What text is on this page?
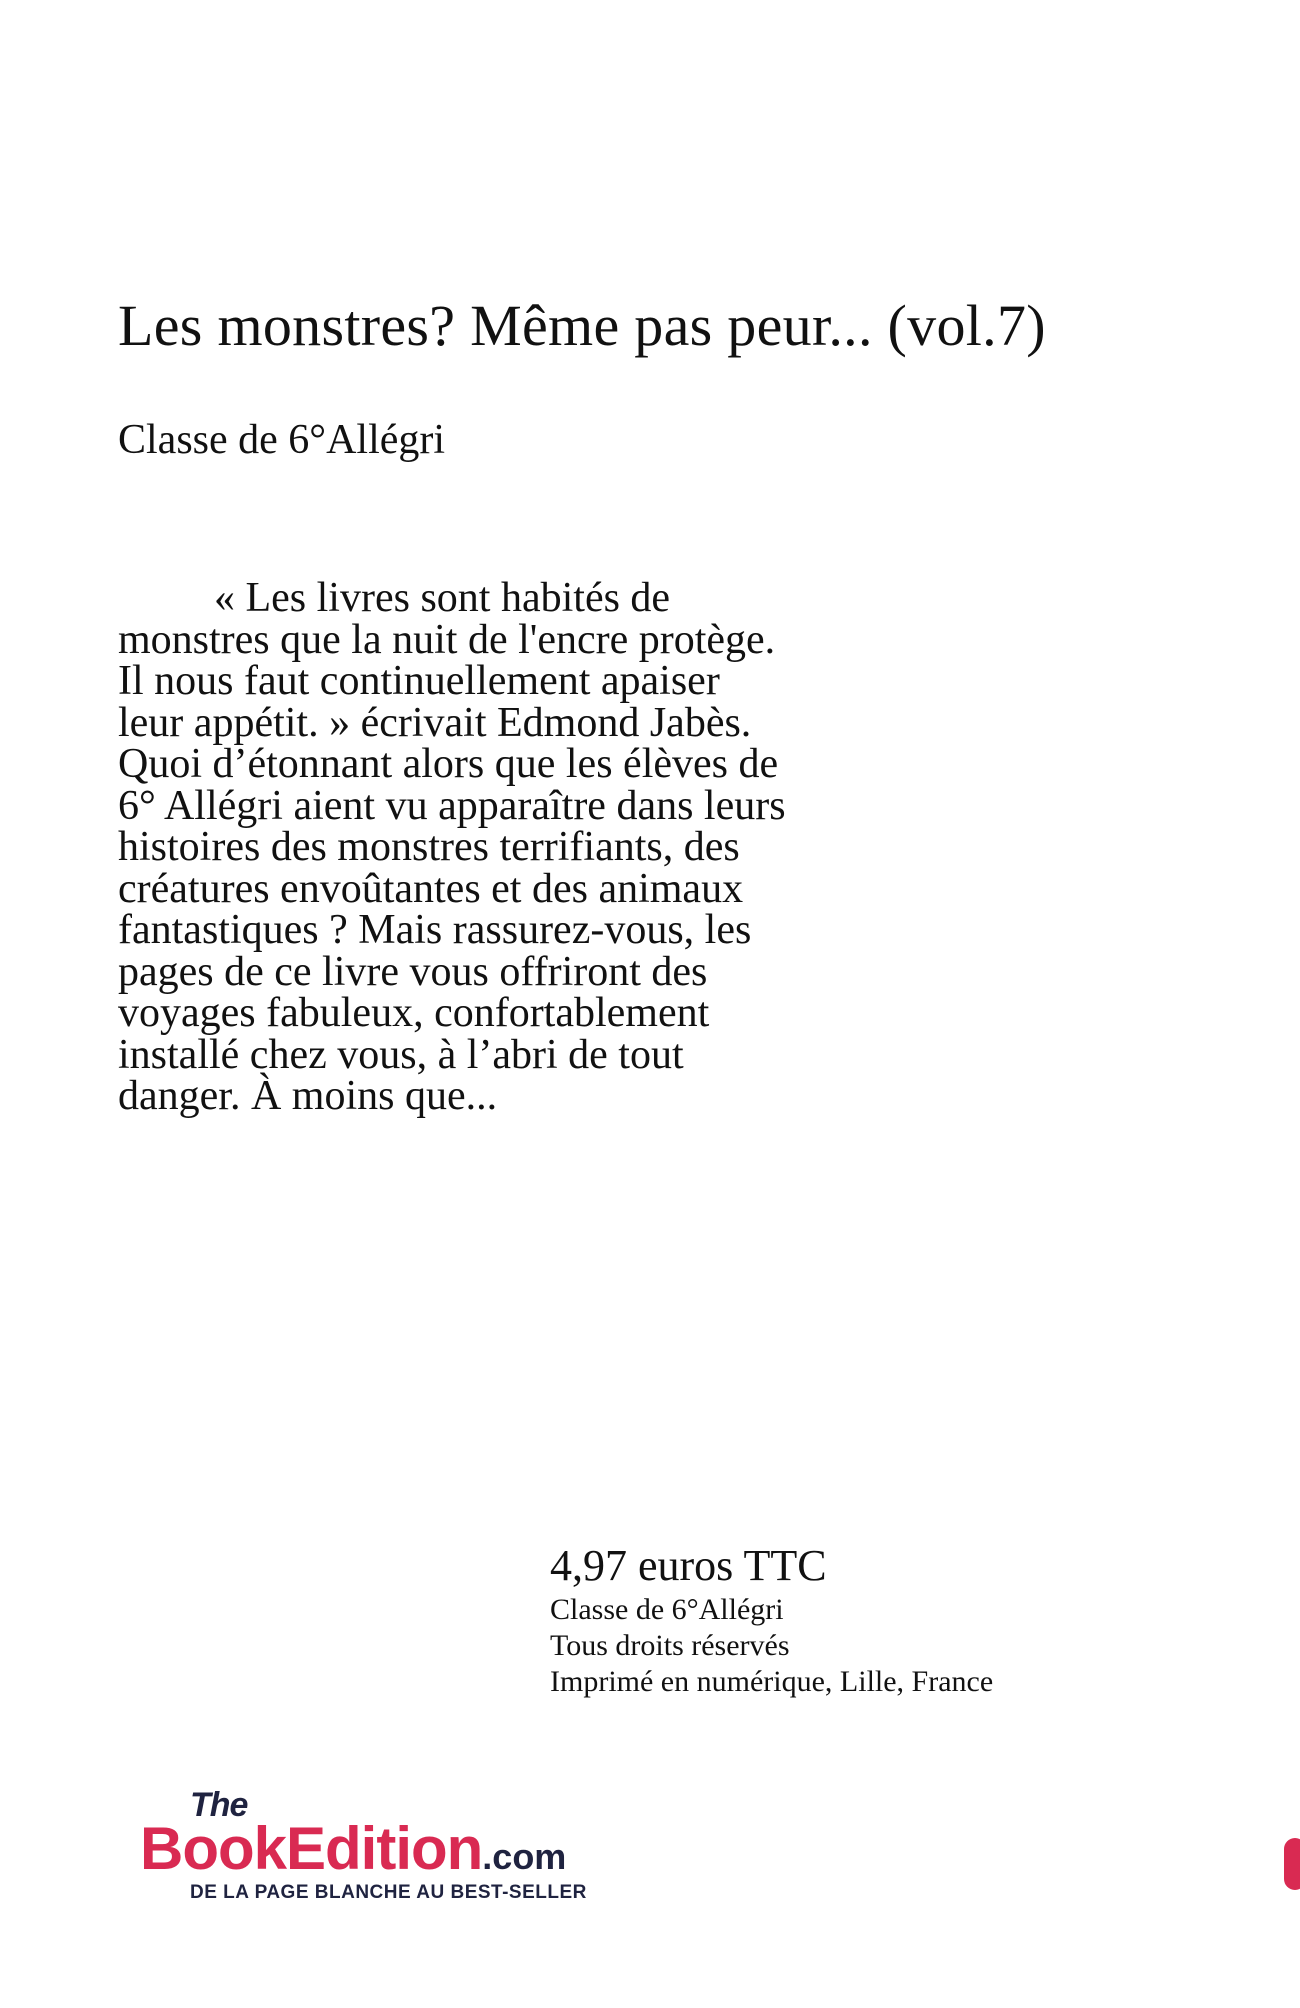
Les monstres? Même pas peur... (vol.7)
Classe de 6°Allégri
« Les livres sont habités de
monstres que la nuit de l'encre protège.
Il nous faut continuellement apaiser
leur appétit. » écrivait Edmond Jabès.
Quoi d’étonnant alors que les élèves de
6° Allégri aient vu apparaître dans leurs
histoires des monstres terrifiants, des
créatures envoûtantes et des animaux
fantastiques ? Mais rassurez-vous, les
pages de ce livre vous offriront des
voyages fabuleux, confortablement
installé chez vous, à l’abri de tout
danger. À moins que...
4,97 euros TTC
Classe de 6°Allégri
Tous droits réservés
Imprimé en numérique, Lille, France
The
BookEdition.com
DE LA PAGE BLANCHE AU BEST-SELLER
